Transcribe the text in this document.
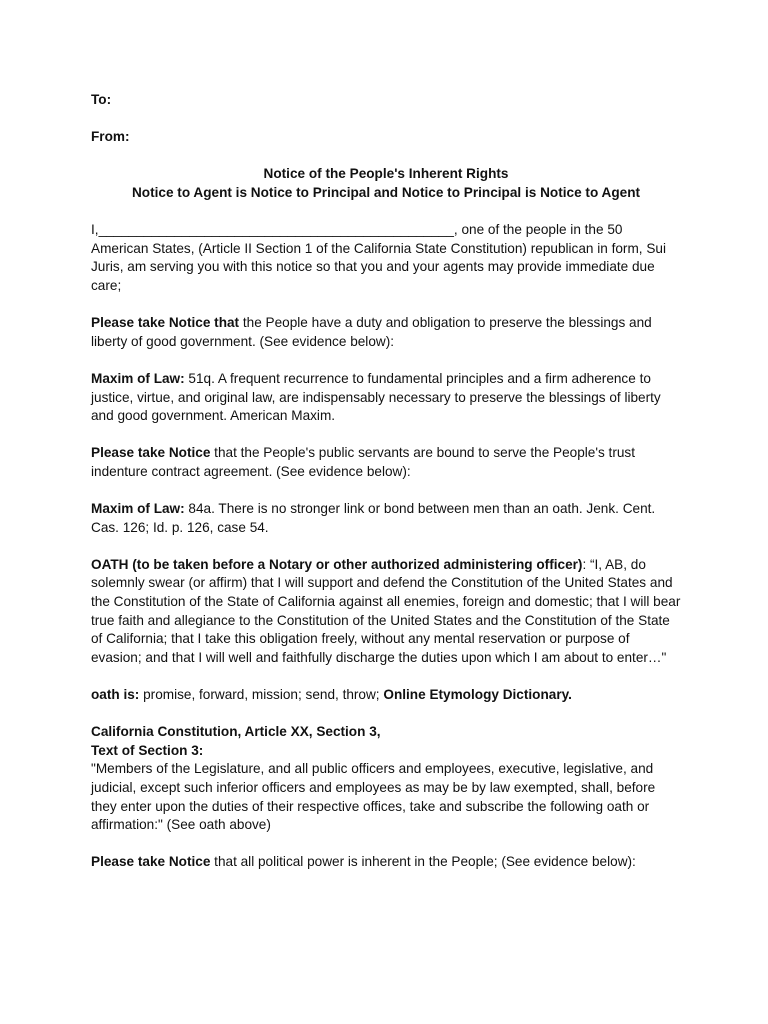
To:

From:

Notice of the People's Inherent Rights

Notice to Agent is Notice to Principal and Notice to Principal is Notice to Agent

I,_______________________________________________, one of the people in the 50 American States, (Article II Section 1 of the California State Constitution) republican in form, Sui Juris, am serving you with this notice so that you and your agents may provide immediate due care;

Please take Notice that the People have a duty and obligation to preserve the blessings and liberty of good government. (See evidence below):

Maxim of Law: 51q. A frequent recurrence to fundamental principles and a firm adherence to justice, virtue, and original law, are indispensably necessary to preserve the blessings of liberty and good government. American Maxim.

Please take Notice that the People's public servants are bound to serve the People's trust indenture contract agreement. (See evidence below):

Maxim of Law: 84a. There is no stronger link or bond between men than an oath. Jenk. Cent. Cas. 126; Id. p. 126, case 54.

OATH (to be taken before a Notary or other authorized administering officer): “I, AB, do solemnly swear (or affirm) that I will support and defend the Constitution of the United States and the Constitution of the State of California against all enemies, foreign and domestic; that I will bear true faith and allegiance to the Constitution of the United States and the Constitution of the State of California; that I take this obligation freely, without any mental reservation or purpose of evasion; and that I will well and faithfully discharge the duties upon which I am about to enter…"

oath is: promise, forward, mission; send, throw; Online Etymology Dictionary.

California Constitution, Article XX, Section 3,

Text of Section 3:

"Members of the Legislature, and all public officers and employees, executive, legislative, and judicial, except such inferior officers and employees as may be by law exempted, shall, before they enter upon the duties of their respective offices, take and subscribe the following oath or affirmation:" (See oath above)

Please take Notice that all political power is inherent in the People; (See evidence below):
